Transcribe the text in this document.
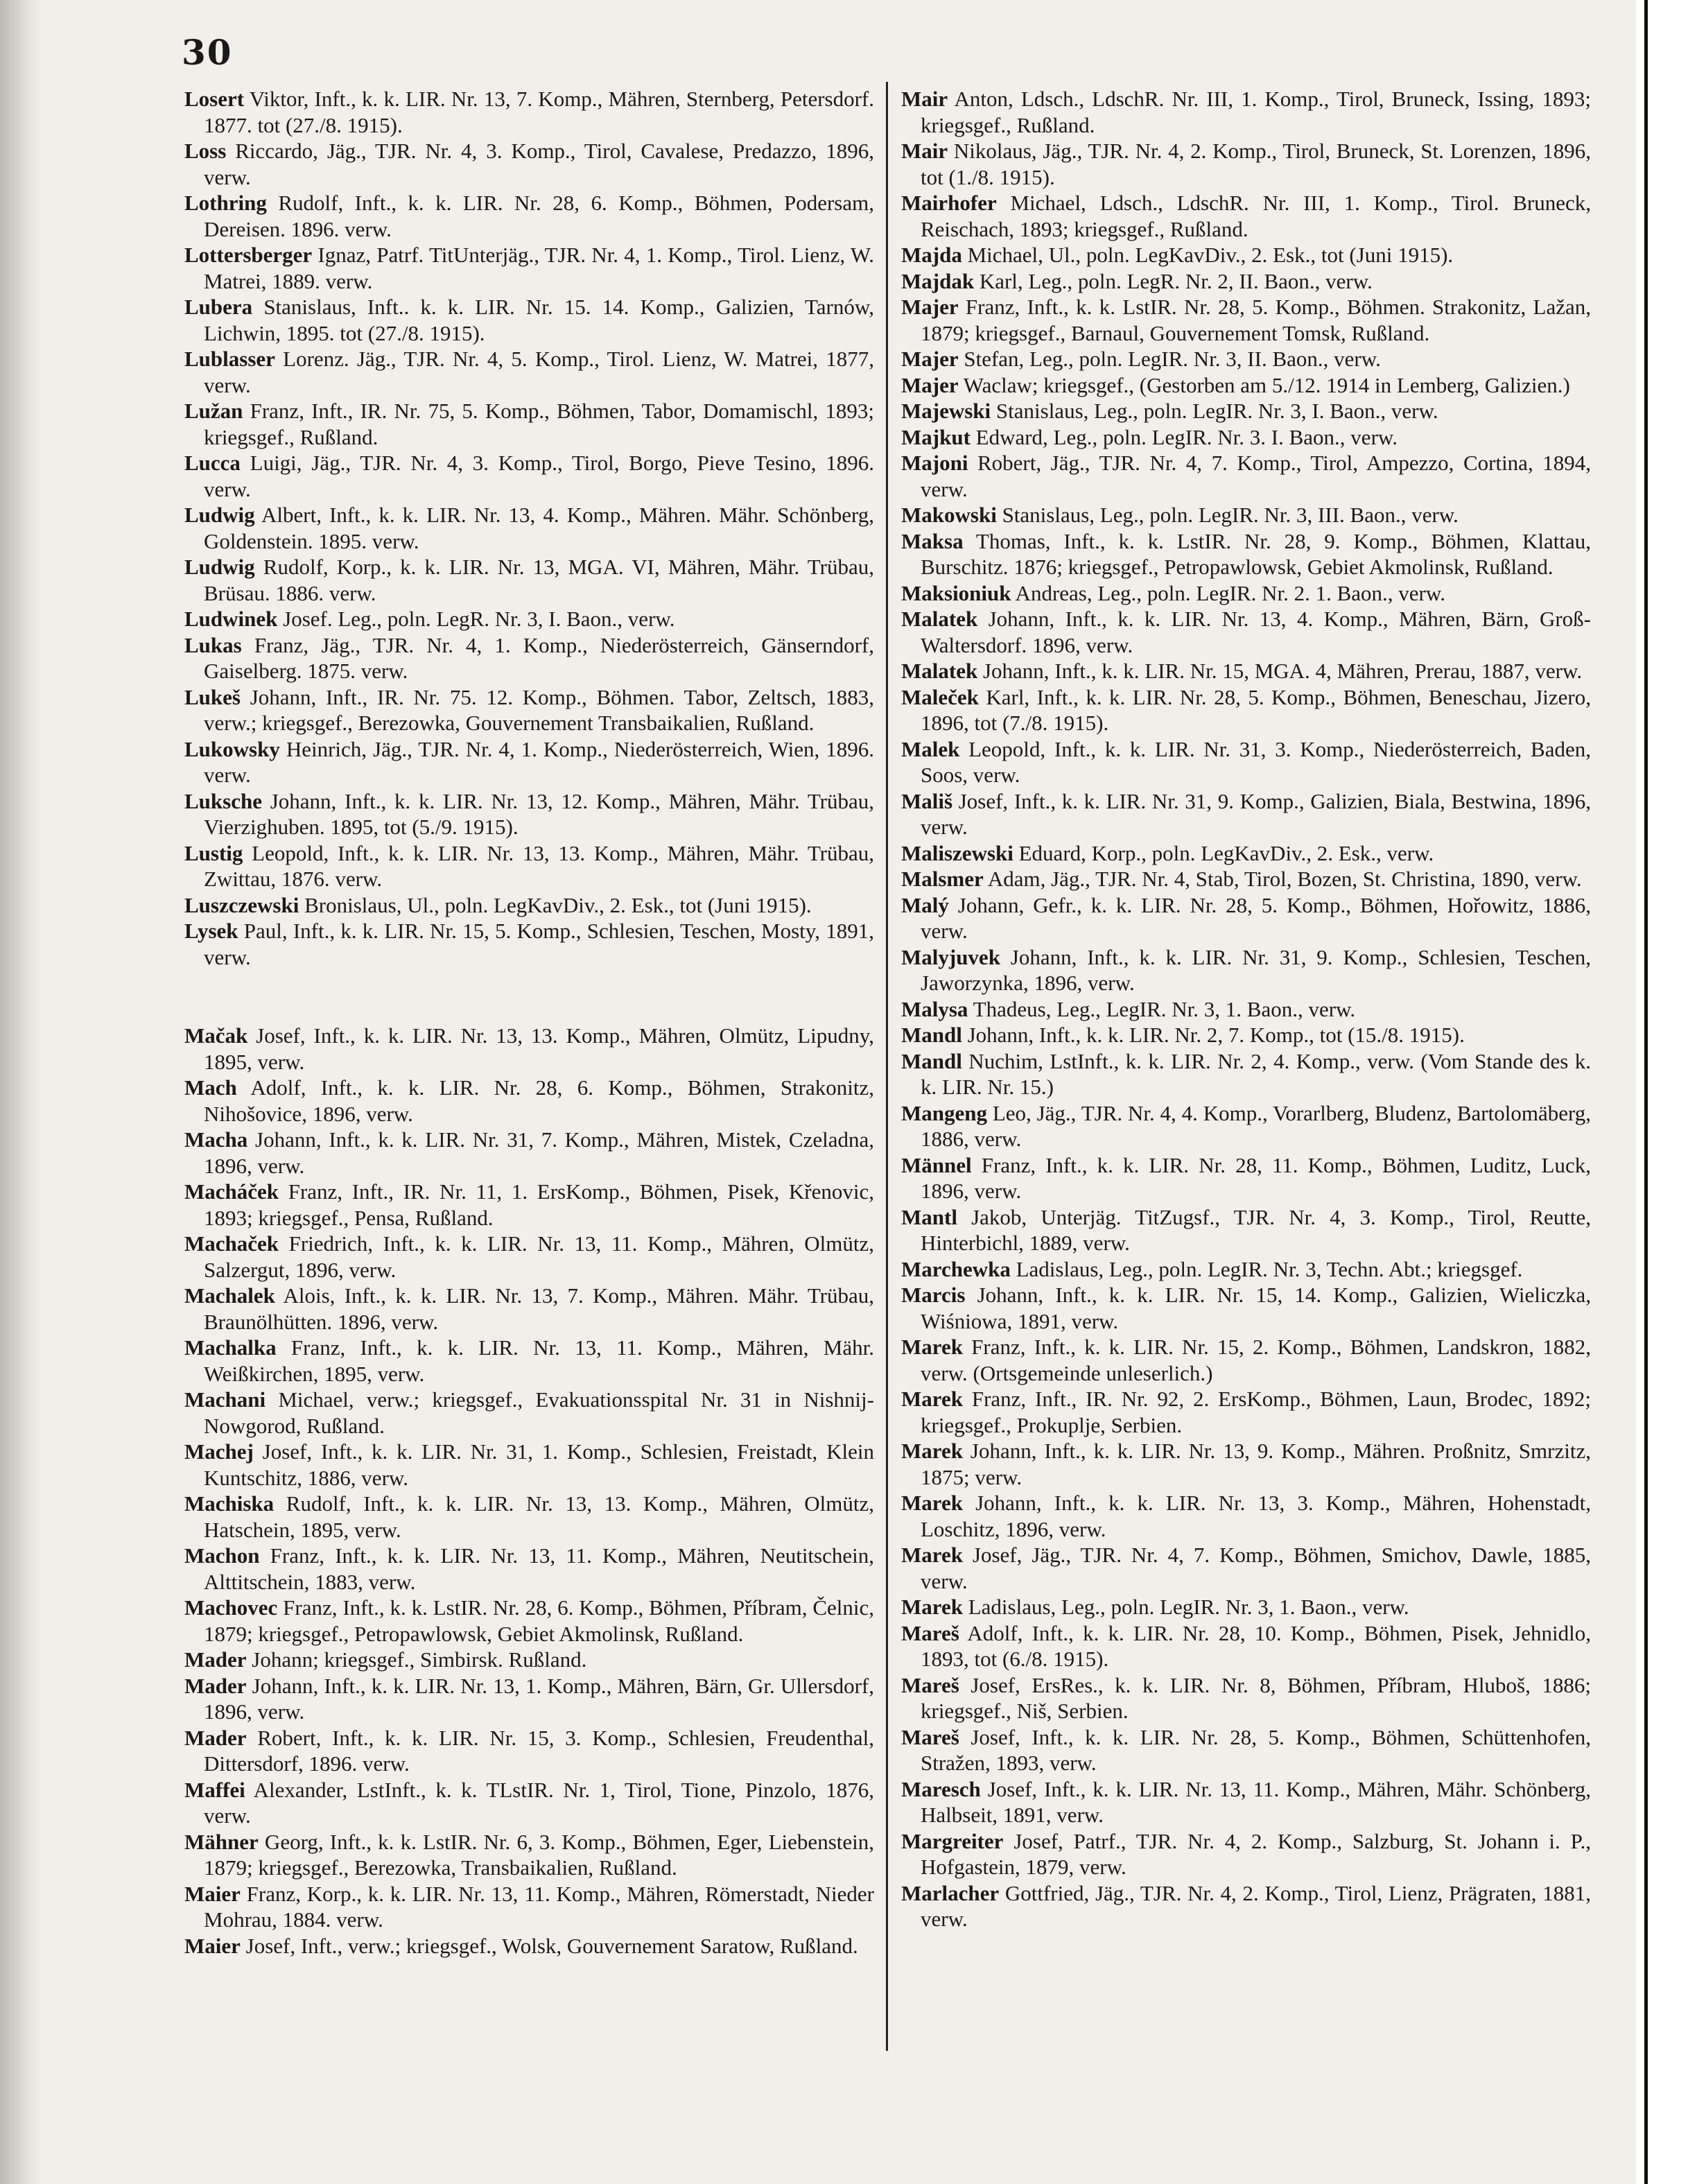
30

Losert Viktor, Inft., k. k. LIR. Nr. 13, 7. Komp., Mähren, Sternberg, Petersdorf. 1877. tot (27./8. 1915).

Loss Riccardo, Jäg., TJR. Nr. 4, 3. Komp., Tirol, Cavalese, Predazzo, 1896, verw.

Lothring Rudolf, Inft., k. k. LIR. Nr. 28, 6. Komp., Böhmen, Podersam, Dereisen. 1896. verw.

Lottersberger Ignaz, Patrf. TitUnterjäg., TJR. Nr. 4, 1. Komp., Tirol. Lienz, W. Matrei, 1889. verw.

Lubera Stanislaus, Inft.. k. k. LIR. Nr. 15. 14. Komp., Galizien, Tarnów, Lichwin, 1895. tot (27./8. 1915).

Lublasser Lorenz. Jäg., TJR. Nr. 4, 5. Komp., Tirol. Lienz, W. Matrei, 1877, verw.

Lužan Franz, Inft., IR. Nr. 75, 5. Komp., Böhmen, Tabor, Domamischl, 1893; kriegsgef., Rußland.

Lucca Luigi, Jäg., TJR. Nr. 4, 3. Komp., Tirol, Borgo, Pieve Tesino, 1896. verw.

Ludwig Albert, Inft., k. k. LIR. Nr. 13, 4. Komp., Mähren. Mähr. Schönberg, Goldenstein. 1895. verw.

Ludwig Rudolf, Korp., k. k. LIR. Nr. 13, MGA. VI, Mähren, Mähr. Trübau, Brüsau. 1886. verw.

Ludwinek Josef. Leg., poln. LegR. Nr. 3, I. Baon., verw.

Lukas Franz, Jäg., TJR. Nr. 4, 1. Komp., Niederösterreich, Gänserndorf, Gaiselberg. 1875. verw.

Lukeš Johann, Inft., IR. Nr. 75. 12. Komp., Böhmen. Tabor, Zeltsch, 1883, verw.; kriegsgef., Berezowka, Gouvernement Transbaikalien, Rußland.

Lukowsky Heinrich, Jäg., TJR. Nr. 4, 1. Komp., Niederösterreich, Wien, 1896. verw.

Luksche Johann, Inft., k. k. LIR. Nr. 13, 12. Komp., Mähren, Mähr. Trübau, Vierzighuben. 1895, tot (5./9. 1915).

Lustig Leopold, Inft., k. k. LIR. Nr. 13, 13. Komp., Mähren, Mähr. Trübau, Zwittau, 1876. verw.

Luszczewski Bronislaus, Ul., poln. LegKavDiv., 2. Esk., tot (Juni 1915).

Lysek Paul, Inft., k. k. LIR. Nr. 15, 5. Komp., Schlesien, Teschen, Mosty, 1891, verw.

Mačak Josef, Inft., k. k. LIR. Nr. 13, 13. Komp., Mähren, Olmütz, Lipudny, 1895, verw.

Mach Adolf, Inft., k. k. LIR. Nr. 28, 6. Komp., Böhmen, Strakonitz, Nihošovice, 1896, verw.

Macha Johann, Inft., k. k. LIR. Nr. 31, 7. Komp., Mähren, Mistek, Czeladna, 1896, verw.

Macháček Franz, Inft., IR. Nr. 11, 1. ErsKomp., Böhmen, Pisek, Křenovic, 1893; kriegsgef., Pensa, Rußland.

Machaček Friedrich, Inft., k. k. LIR. Nr. 13, 11. Komp., Mähren, Olmütz, Salzergut, 1896, verw.

Machalek Alois, Inft., k. k. LIR. Nr. 13, 7. Komp., Mähren. Mähr. Trübau, Braunölhütten. 1896, verw.

Machalka Franz, Inft., k. k. LIR. Nr. 13, 11. Komp., Mähren, Mähr. Weißkirchen, 1895, verw.

Machani Michael, verw.; kriegsgef., Evakuationsspital Nr. 31 in Nishnij-Nowgorod, Rußland.

Machej Josef, Inft., k. k. LIR. Nr. 31, 1. Komp., Schlesien, Freistadt, Klein Kuntschitz, 1886, verw.

Machiska Rudolf, Inft., k. k. LIR. Nr. 13, 13. Komp., Mähren, Olmütz, Hatschein, 1895, verw.

Machon Franz, Inft., k. k. LIR. Nr. 13, 11. Komp., Mähren, Neutitschein, Alttitschein, 1883, verw.

Machovec Franz, Inft., k. k. LstIR. Nr. 28, 6. Komp., Böhmen, Příbram, Čelnic, 1879; kriegsgef., Petropawlowsk, Gebiet Akmolinsk, Rußland.

Mader Johann; kriegsgef., Simbirsk. Rußland.

Mader Johann, Inft., k. k. LIR. Nr. 13, 1. Komp., Mähren, Bärn, Gr. Ullersdorf, 1896, verw.

Mader Robert, Inft., k. k. LIR. Nr. 15, 3. Komp., Schlesien, Freudenthal, Dittersdorf, 1896. verw.

Maffei Alexander, LstInft., k. k. TLstIR. Nr. 1, Tirol, Tione, Pinzolo, 1876, verw.

Mähner Georg, Inft., k. k. LstIR. Nr. 6, 3. Komp., Böhmen, Eger, Liebenstein, 1879; kriegsgef., Berezowka, Transbaikalien, Rußland.

Maier Franz, Korp., k. k. LIR. Nr. 13, 11. Komp., Mähren, Römerstadt, Nieder Mohrau, 1884. verw.

Maier Josef, Inft., verw.; kriegsgef., Wolsk, Gouvernement Saratow, Rußland.

Mair Anton, Ldsch., LdschR. Nr. III, 1. Komp., Tirol, Bruneck, Issing, 1893; kriegsgef., Rußland.

Mair Nikolaus, Jäg., TJR. Nr. 4, 2. Komp., Tirol, Bruneck, St. Lorenzen, 1896, tot (1./8. 1915).

Mairhofer Michael, Ldsch., LdschR. Nr. III, 1. Komp., Tirol. Bruneck, Reischach, 1893; kriegsgef., Rußland.

Majda Michael, Ul., poln. LegKavDiv., 2. Esk., tot (Juni 1915).

Majdak Karl, Leg., poln. LegR. Nr. 2, II. Baon., verw.

Majer Franz, Inft., k. k. LstIR. Nr. 28, 5. Komp., Böhmen. Strakonitz, Lažan, 1879; kriegsgef., Barnaul, Gouvernement Tomsk, Rußland.

Majer Stefan, Leg., poln. LegIR. Nr. 3, II. Baon., verw.

Majer Waclaw; kriegsgef., (Gestorben am 5./12. 1914 in Lemberg, Galizien.)

Majewski Stanislaus, Leg., poln. LegIR. Nr. 3, I. Baon., verw.

Majkut Edward, Leg., poln. LegIR. Nr. 3. I. Baon., verw.

Majoni Robert, Jäg., TJR. Nr. 4, 7. Komp., Tirol, Ampezzo, Cortina, 1894, verw.

Makowski Stanislaus, Leg., poln. LegIR. Nr. 3, III. Baon., verw.

Maksa Thomas, Inft., k. k. LstIR. Nr. 28, 9. Komp., Böhmen, Klattau, Burschitz. 1876; kriegsgef., Petropawlowsk, Gebiet Akmolinsk, Rußland.

Maksioniuk Andreas, Leg., poln. LegIR. Nr. 2. 1. Baon., verw.

Malatek Johann, Inft., k. k. LIR. Nr. 13, 4. Komp., Mähren, Bärn, Groß-Waltersdorf. 1896, verw.

Malatek Johann, Inft., k. k. LIR. Nr. 15, MGA. 4, Mähren, Prerau, 1887, verw.

Maleček Karl, Inft., k. k. LIR. Nr. 28, 5. Komp., Böhmen, Beneschau, Jizero, 1896, tot (7./8. 1915).

Malek Leopold, Inft., k. k. LIR. Nr. 31, 3. Komp., Niederösterreich, Baden, Soos, verw.

Mališ Josef, Inft., k. k. LIR. Nr. 31, 9. Komp., Galizien, Biala, Bestwina, 1896, verw.

Maliszewski Eduard, Korp., poln. LegKavDiv., 2. Esk., verw.

Malsmer Adam, Jäg., TJR. Nr. 4, Stab, Tirol, Bozen, St. Christina, 1890, verw.

Malý Johann, Gefr., k. k. LIR. Nr. 28, 5. Komp., Böhmen, Hořowitz, 1886, verw.

Malyjuvek Johann, Inft., k. k. LIR. Nr. 31, 9. Komp., Schlesien, Teschen, Jaworzynka, 1896, verw.

Malysa Thadeus, Leg., LegIR. Nr. 3, 1. Baon., verw.

Mandl Johann, Inft., k. k. LIR. Nr. 2, 7. Komp., tot (15./8. 1915).

Mandl Nuchim, LstInft., k. k. LIR. Nr. 2, 4. Komp., verw. (Vom Stande des k. k. LIR. Nr. 15.)

Mangeng Leo, Jäg., TJR. Nr. 4, 4. Komp., Vorarlberg, Bludenz, Bartolomäberg, 1886, verw.

Männel Franz, Inft., k. k. LIR. Nr. 28, 11. Komp., Böhmen, Luditz, Luck, 1896, verw.

Mantl Jakob, Unterjäg. TitZugsf., TJR. Nr. 4, 3. Komp., Tirol, Reutte, Hinterbichl, 1889, verw.

Marchewka Ladislaus, Leg., poln. LegIR. Nr. 3, Techn. Abt.; kriegsgef.

Marcis Johann, Inft., k. k. LIR. Nr. 15, 14. Komp., Galizien, Wieliczka, Wiśniowa, 1891, verw.

Marek Franz, Inft., k. k. LIR. Nr. 15, 2. Komp., Böhmen, Landskron, 1882, verw. (Ortsgemeinde unleserlich.)

Marek Franz, Inft., IR. Nr. 92, 2. ErsKomp., Böhmen, Laun, Brodec, 1892; kriegsgef., Prokuplje, Serbien.

Marek Johann, Inft., k. k. LIR. Nr. 13, 9. Komp., Mähren. Proßnitz, Smrzitz, 1875; verw.

Marek Johann, Inft., k. k. LIR. Nr. 13, 3. Komp., Mähren, Hohenstadt, Loschitz, 1896, verw.

Marek Josef, Jäg., TJR. Nr. 4, 7. Komp., Böhmen, Smichov, Dawle, 1885, verw.

Marek Ladislaus, Leg., poln. LegIR. Nr. 3, 1. Baon., verw.

Mareš Adolf, Inft., k. k. LIR. Nr. 28, 10. Komp., Böhmen, Pisek, Jehnidlo, 1893, tot (6./8. 1915).

Mareš Josef, ErsRes., k. k. LIR. Nr. 8, Böhmen, Příbram, Hluboš, 1886; kriegsgef., Niš, Serbien.

Mareš Josef, Inft., k. k. LIR. Nr. 28, 5. Komp., Böhmen, Schüttenhofen, Stražen, 1893, verw.

Maresch Josef, Inft., k. k. LIR. Nr. 13, 11. Komp., Mähren, Mähr. Schönberg, Halbseit, 1891, verw.

Margreiter Josef, Patrf., TJR. Nr. 4, 2. Komp., Salzburg, St. Johann i. P., Hofgastein, 1879, verw.

Marlacher Gottfried, Jäg., TJR. Nr. 4, 2. Komp., Tirol, Lienz, Prägraten, 1881, verw.
